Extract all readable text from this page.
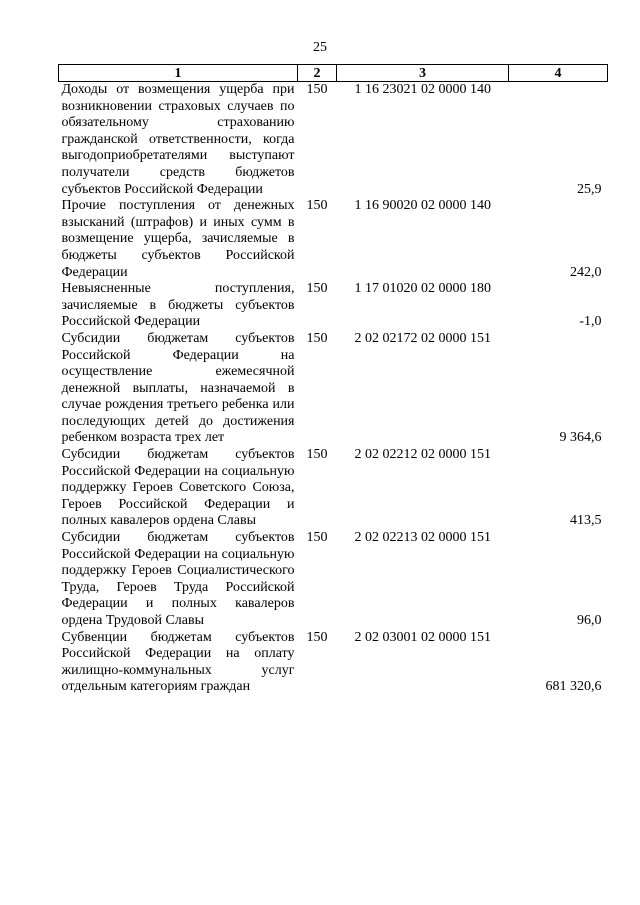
25
1	2	3	4
Доходы от возмещения ущерба при возникновении страховых случаев по обязательному страхованию гражданской ответственности, когда выгодоприобретателями выступают получатели средств бюджетов субъектов Российской Федерации	150	1 16 23021 02 0000 140	25,9
Прочие поступления от денежных взысканий (штрафов) и иных сумм в возмещение ущерба, зачисляемые в бюджеты субъектов Российской Федерации	150	1 16 90020 02 0000 140	242,0
Невыясненные поступления, зачисляемые в бюджеты субъектов Российской Федерации	150	1 17 01020 02 0000 180	-1,0
Субсидии бюджетам субъектов Российской Федерации на осуществление ежемесячной денежной выплаты, назначаемой в случае рождения третьего ребенка или последующих детей до достижения ребенком возраста трех лет	150	2 02 02172 02 0000 151	9 364,6
Субсидии бюджетам субъектов Российской Федерации на социальную поддержку Героев Советского Союза, Героев Российской Федерации и полных кавалеров ордена Славы	150	2 02 02212 02 0000 151	413,5
Субсидии бюджетам субъектов Российской Федерации на социальную поддержку Героев Социалистического Труда, Героев Труда Российской Федерации и полных кавалеров ордена Трудовой Славы	150	2 02 02213 02 0000 151	96,0
Субвенции бюджетам субъектов Российской Федерации на оплату жилищно-коммунальных услуг отдельным категориям граждан	150	2 02 03001 02 0000 151	681 320,6
